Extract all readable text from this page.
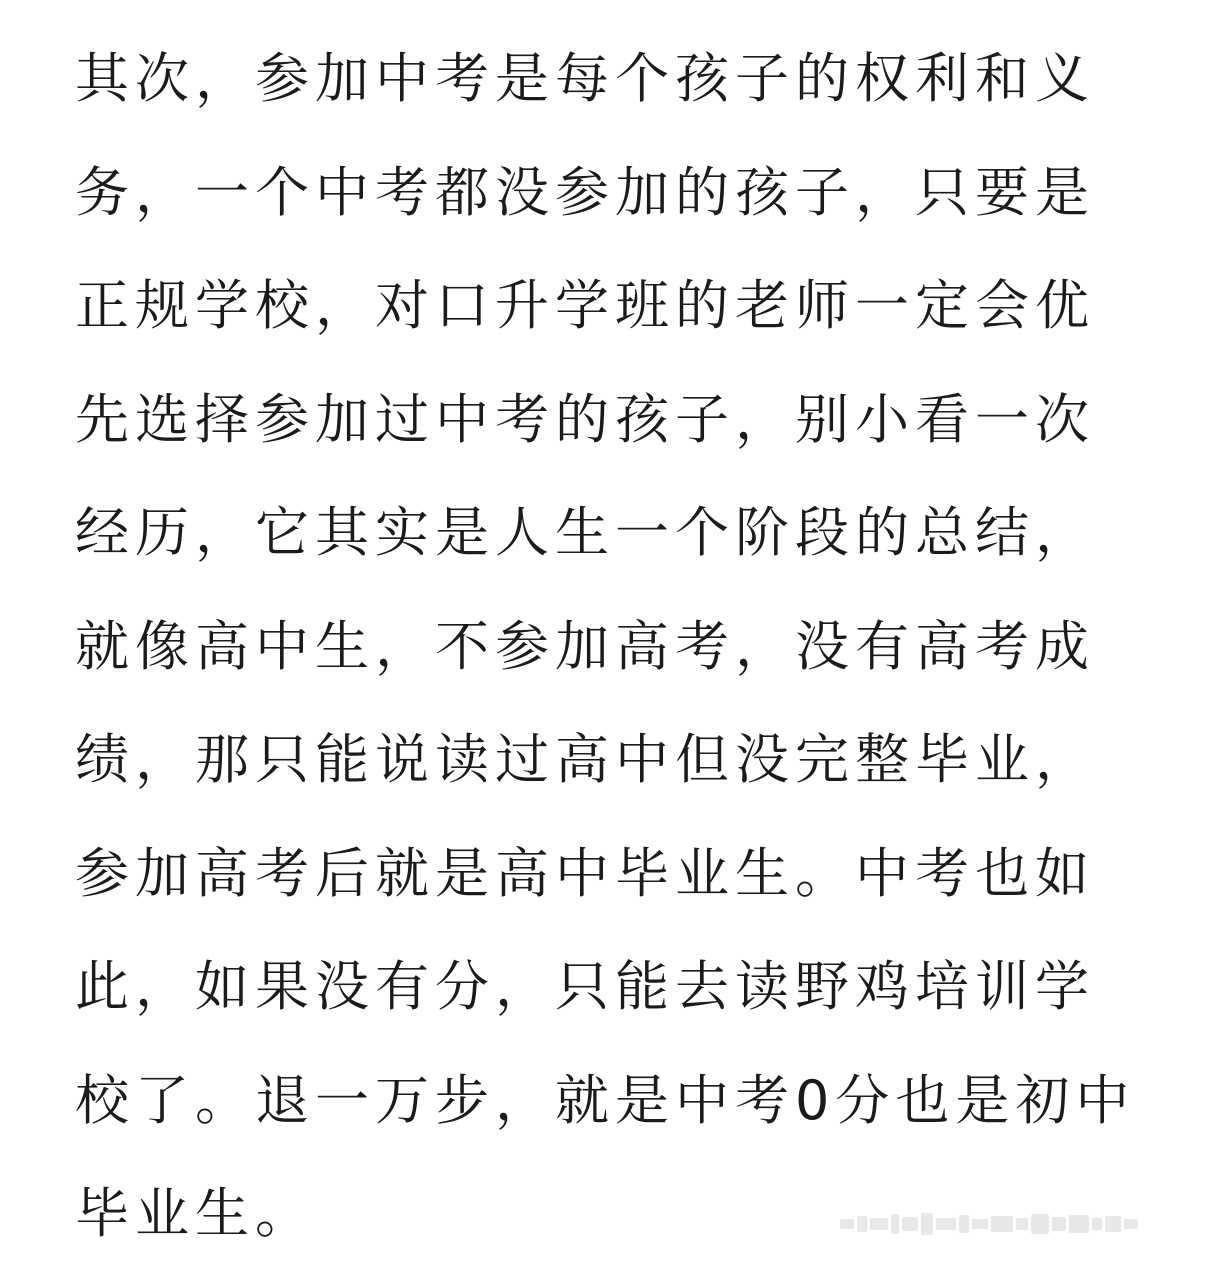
其次，参加中考是每个孩子的权利和义
务，一个中考都没参加的孩子，只要是
正规学校，对口升学班的老师一定会优
先选择参加过中考的孩子，别小看一次
经历，它其实是人生一个阶段的总结，
就像高中生，不参加高考，没有高考成
绩，那只能说读过高中但没完整毕业，
参加高考后就是高中毕业生。中考也如
此，如果没有分，只能去读野鸡培训学
校了。退一万步，就是中考0分也是初中
毕业生。
